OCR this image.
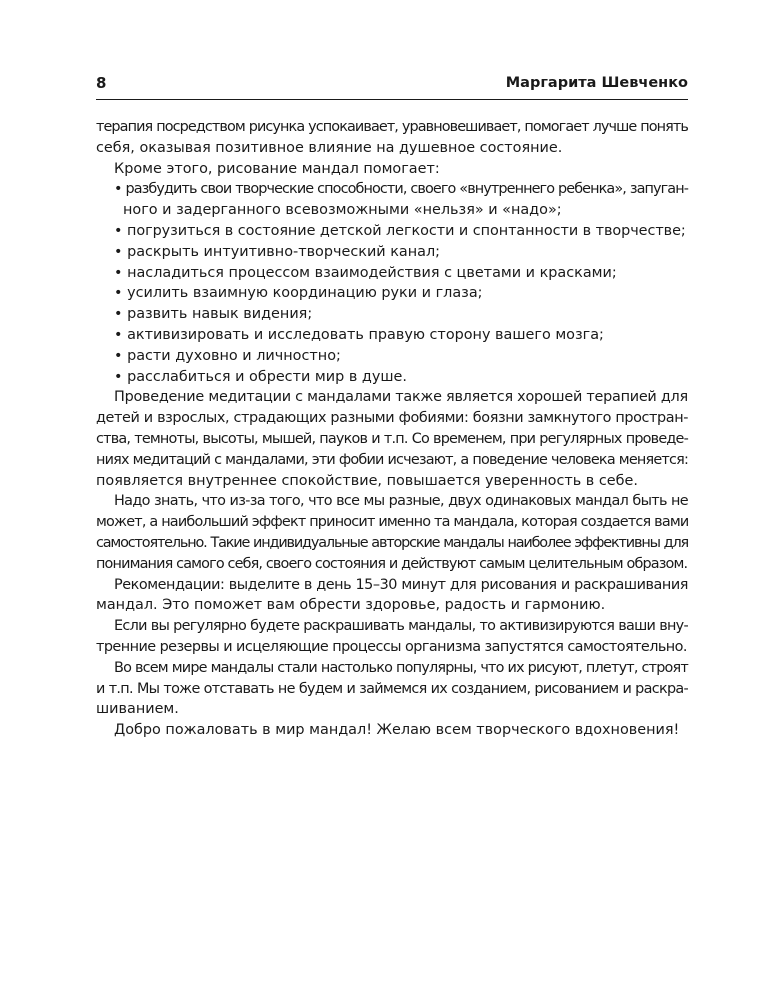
8	Маргарита Шевченко
терапия посредством рисунка успокаивает, уравновешивает, помогает лучше понять
себя, оказывая позитивное влияние на душевное состояние.
Кроме этого, рисование мандал помогает:
• разбудить свои творческие способности, своего «внутреннего ребенка», запуган-
ного и задерганного всевозможными «нельзя» и «надо»;
• погрузиться в состояние детской легкости и спонтанности в творчестве;
• раскрыть интуитивно-творческий канал;
• насладиться процессом взаимодействия с цветами и красками;
• усилить взаимную координацию руки и глаза;
• развить навык видения;
• активизировать и исследовать правую сторону вашего мозга;
• расти духовно и личностно;
• расслабиться и обрести мир в душе.
Проведение медитации с мандалами также является хорошей терапией для
детей и взрослых, страдающих разными фобиями: боязни замкнутого простран-
ства, темноты, высоты, мышей, пауков и т.п. Со временем, при регулярных проведе-
ниях медитаций с мандалами, эти фобии исчезают, а поведение человека меняется:
появляется внутреннее спокойствие, повышается уверенность в себе.
Надо знать, что из-за того, что все мы разные, двух одинаковых мандал быть не
может, а наибольший эффект приносит именно та мандала, которая создается вами
самостоятельно. Такие индивидуальные авторские мандалы наиболее эффективны для
понимания самого себя, своего состояния и действуют самым целительным образом.
Рекомендации: выделите в день 15–30 минут для рисования и раскрашивания
мандал. Это поможет вам обрести здоровье, радость и гармонию.
Если вы регулярно будете раскрашивать мандалы, то активизируются ваши вну-
тренние резервы и исцеляющие процессы организма запустятся самостоятельно.
Во всем мире мандалы стали настолько популярны, что их рисуют, плетут, строят
и т.п. Мы тоже отставать не будем и займемся их созданием, рисованием и раскра-
шиванием.
Добро пожаловать в мир мандал! Желаю всем творческого вдохновения!
